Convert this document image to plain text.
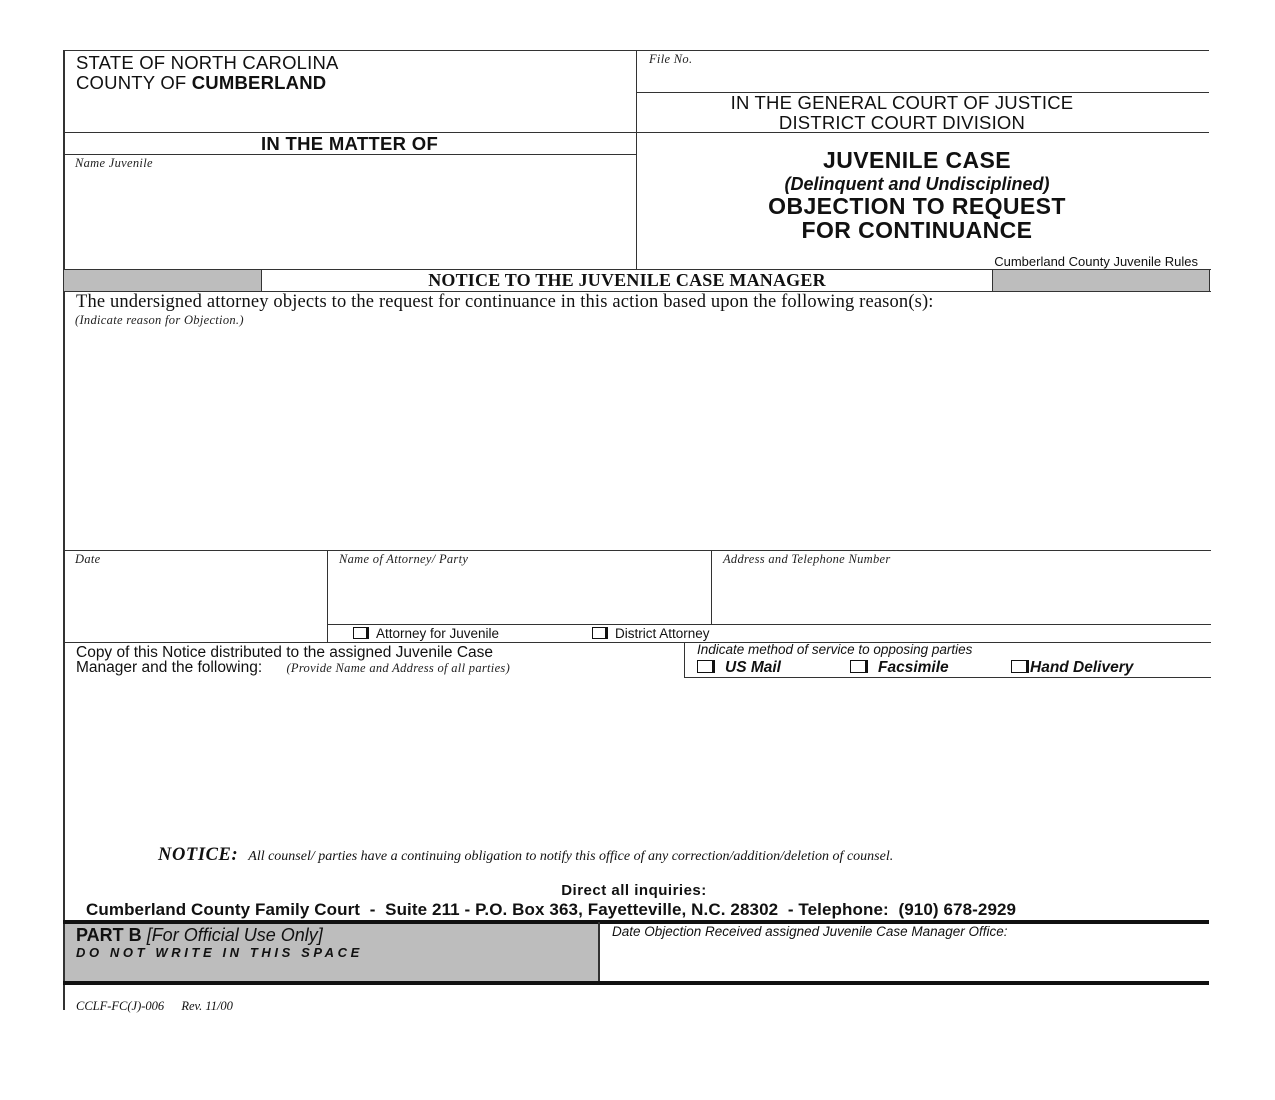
STATE OF NORTH CAROLINA
COUNTY OF CUMBERLAND
File No.
IN THE GENERAL COURT OF JUSTICE
DISTRICT COURT DIVISION
IN THE MATTER OF
Name Juvenile	JUVENILE CASE
(Delinquent and Undisciplined)
OBJECTION TO REQUEST
FOR CONTINUANCE
Cumberland County Juvenile Rules
NOTICE TO THE JUVENILE CASE MANAGER
The undersigned attorney objects to the request for continuance in this action based upon the following reason(s):
(Indicate reason for Objection.)
Date	Name of Attorney/ Party	Address and Telephone Number
Attorney for Juvenile	District Attorney
Copy of this Notice distributed to the assigned Juvenile Case
Manager and the following: (Provide Name and Address of all parties)
Indicate method of service to opposing parties
US Mail	Facsimile	Hand Delivery
NOTICE: All counsel/ parties have a continuing obligation to notify this office of any correction/addition/deletion of counsel.
Direct all inquiries:
Cumberland County Family Court  -  Suite 211 - P.O. Box 363, Fayetteville, N.C. 28302  - Telephone:  (910) 678-2929
PART B [For Official Use Only]
DO NOT WRITE IN THIS SPACE
Date Objection Received assigned Juvenile Case Manager Office:
CCLF-FC(J)-006 Rev. 11/00
